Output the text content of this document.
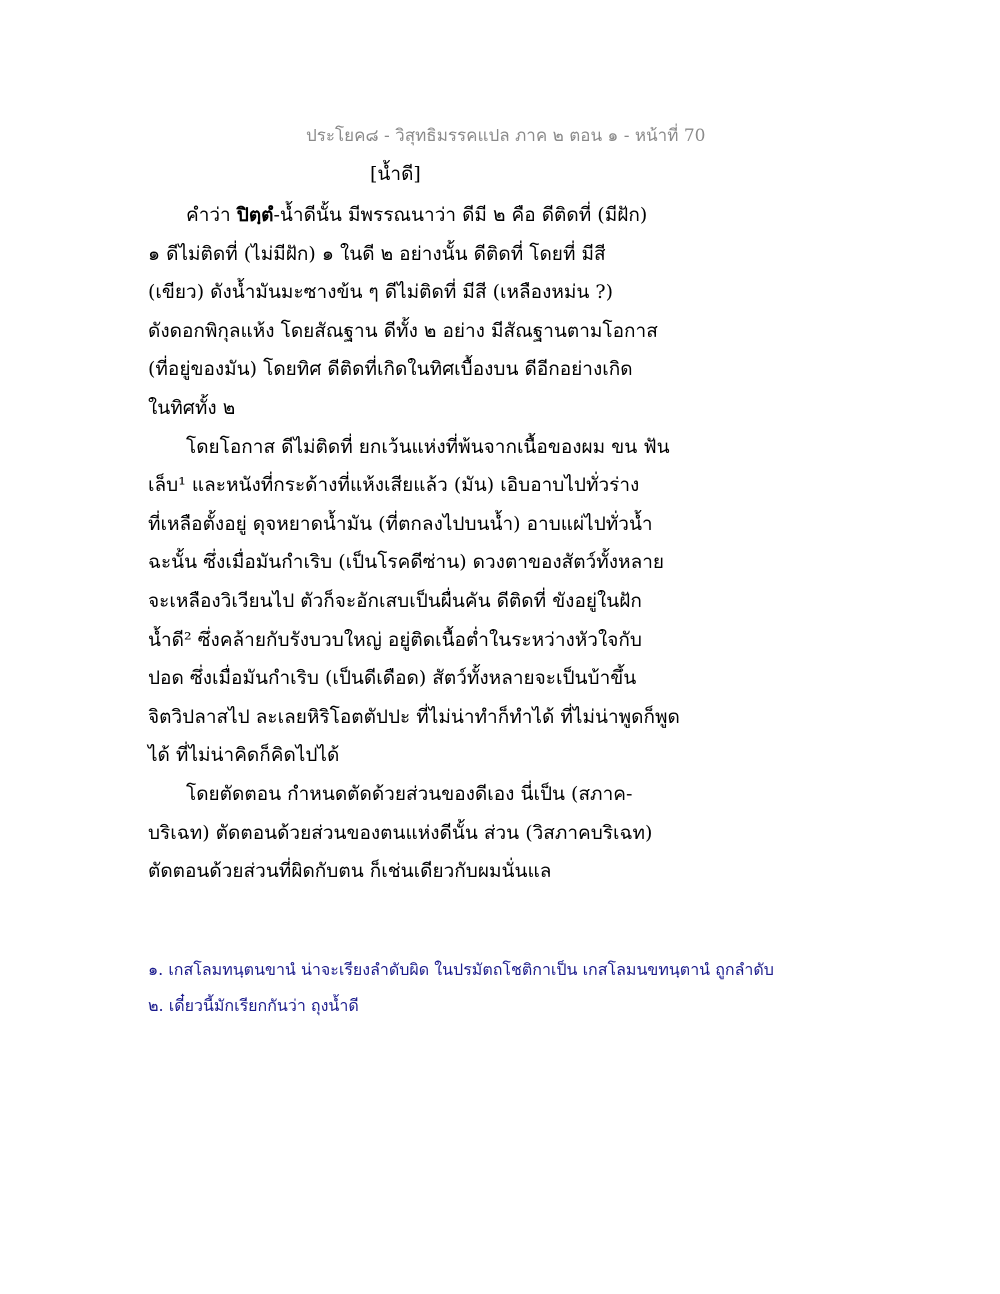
ประโยค๘ - วิสุทธิมรรคแปล ภาค ๒ ตอน ๑ - หน้าที่ 70
[น้ำดี]
คำว่า ปิตฺตํ-น้ำดีนั้น มีพรรณนาว่า ดีมี ๒ คือ ดีติดที่ (มีฝัก)
๑ ดีไม่ติดที่ (ไม่มีฝัก) ๑ ในดี ๒ อย่างนั้น ดีติดที่ โดยที่ มีสี
(เขียว) ดังน้ำมันมะซางข้น ๆ ดีไม่ติดที่ มีสี (เหลืองหม่น ?)
ดังดอกพิกุลแห้ง โดยสัณฐาน ดีทั้ง ๒ อย่าง มีสัณฐานตามโอกาส
(ที่อยู่ของมัน) โดยทิศ ดีติดที่เกิดในทิศเบื้องบน ดีอีกอย่างเกิด
ในทิศทั้ง ๒
โดยโอกาส ดีไม่ติดที่ ยกเว้นแห่งที่พ้นจากเนื้อของผม ขน ฟัน
เล็บ¹ และหนังที่กระด้างที่แห้งเสียแล้ว (มัน) เอิบอาบไปทั่วร่าง
ที่เหลือตั้งอยู่ ดุจหยาดน้ำมัน (ที่ตกลงไปบนน้ำ) อาบแผ่ไปทั่วน้ำ
ฉะนั้น ซึ่งเมื่อมันกำเริบ (เป็นโรคดีซ่าน) ดวงตาของสัตว์ทั้งหลาย
จะเหลืองวิเวียนไป ตัวก็จะอักเสบเป็นผื่นคัน ดีติดที่ ขังอยู่ในฝัก
น้ำดี² ซึ่งคล้ายกับรังบวบใหญ่ อยู่ติดเนื้อต่ำในระหว่างหัวใจกับ
ปอด ซึ่งเมื่อมันกำเริบ (เป็นดีเดือด) สัตว์ทั้งหลายจะเป็นบ้าขึ้น
จิตวิปลาสไป ละเลยหิริโอตตัปปะ ที่ไม่น่าทำก็ทำได้ ที่ไม่น่าพูดก็พูด
ได้ ที่ไม่น่าคิดก็คิดไปได้
โดยตัดตอน กำหนดตัดด้วยส่วนของดีเอง นี่เป็น (สภาค-
บริเฉท) ตัดตอนด้วยส่วนของตนแห่งดีนั้น ส่วน (วิสภาคบริเฉท)
ตัดตอนด้วยส่วนที่ผิดกับตน ก็เช่นเดียวกับผมนั่นแล
๑. เกสโลมทนฺตนขานํ น่าจะเรียงลำดับผิด ในปรมัตถโชติกาเป็น เกสโลมนขทนฺตานํ ถูกลำดับ
๒. เดี๋ยวนี้มักเรียกกันว่า ถุงน้ำดี
